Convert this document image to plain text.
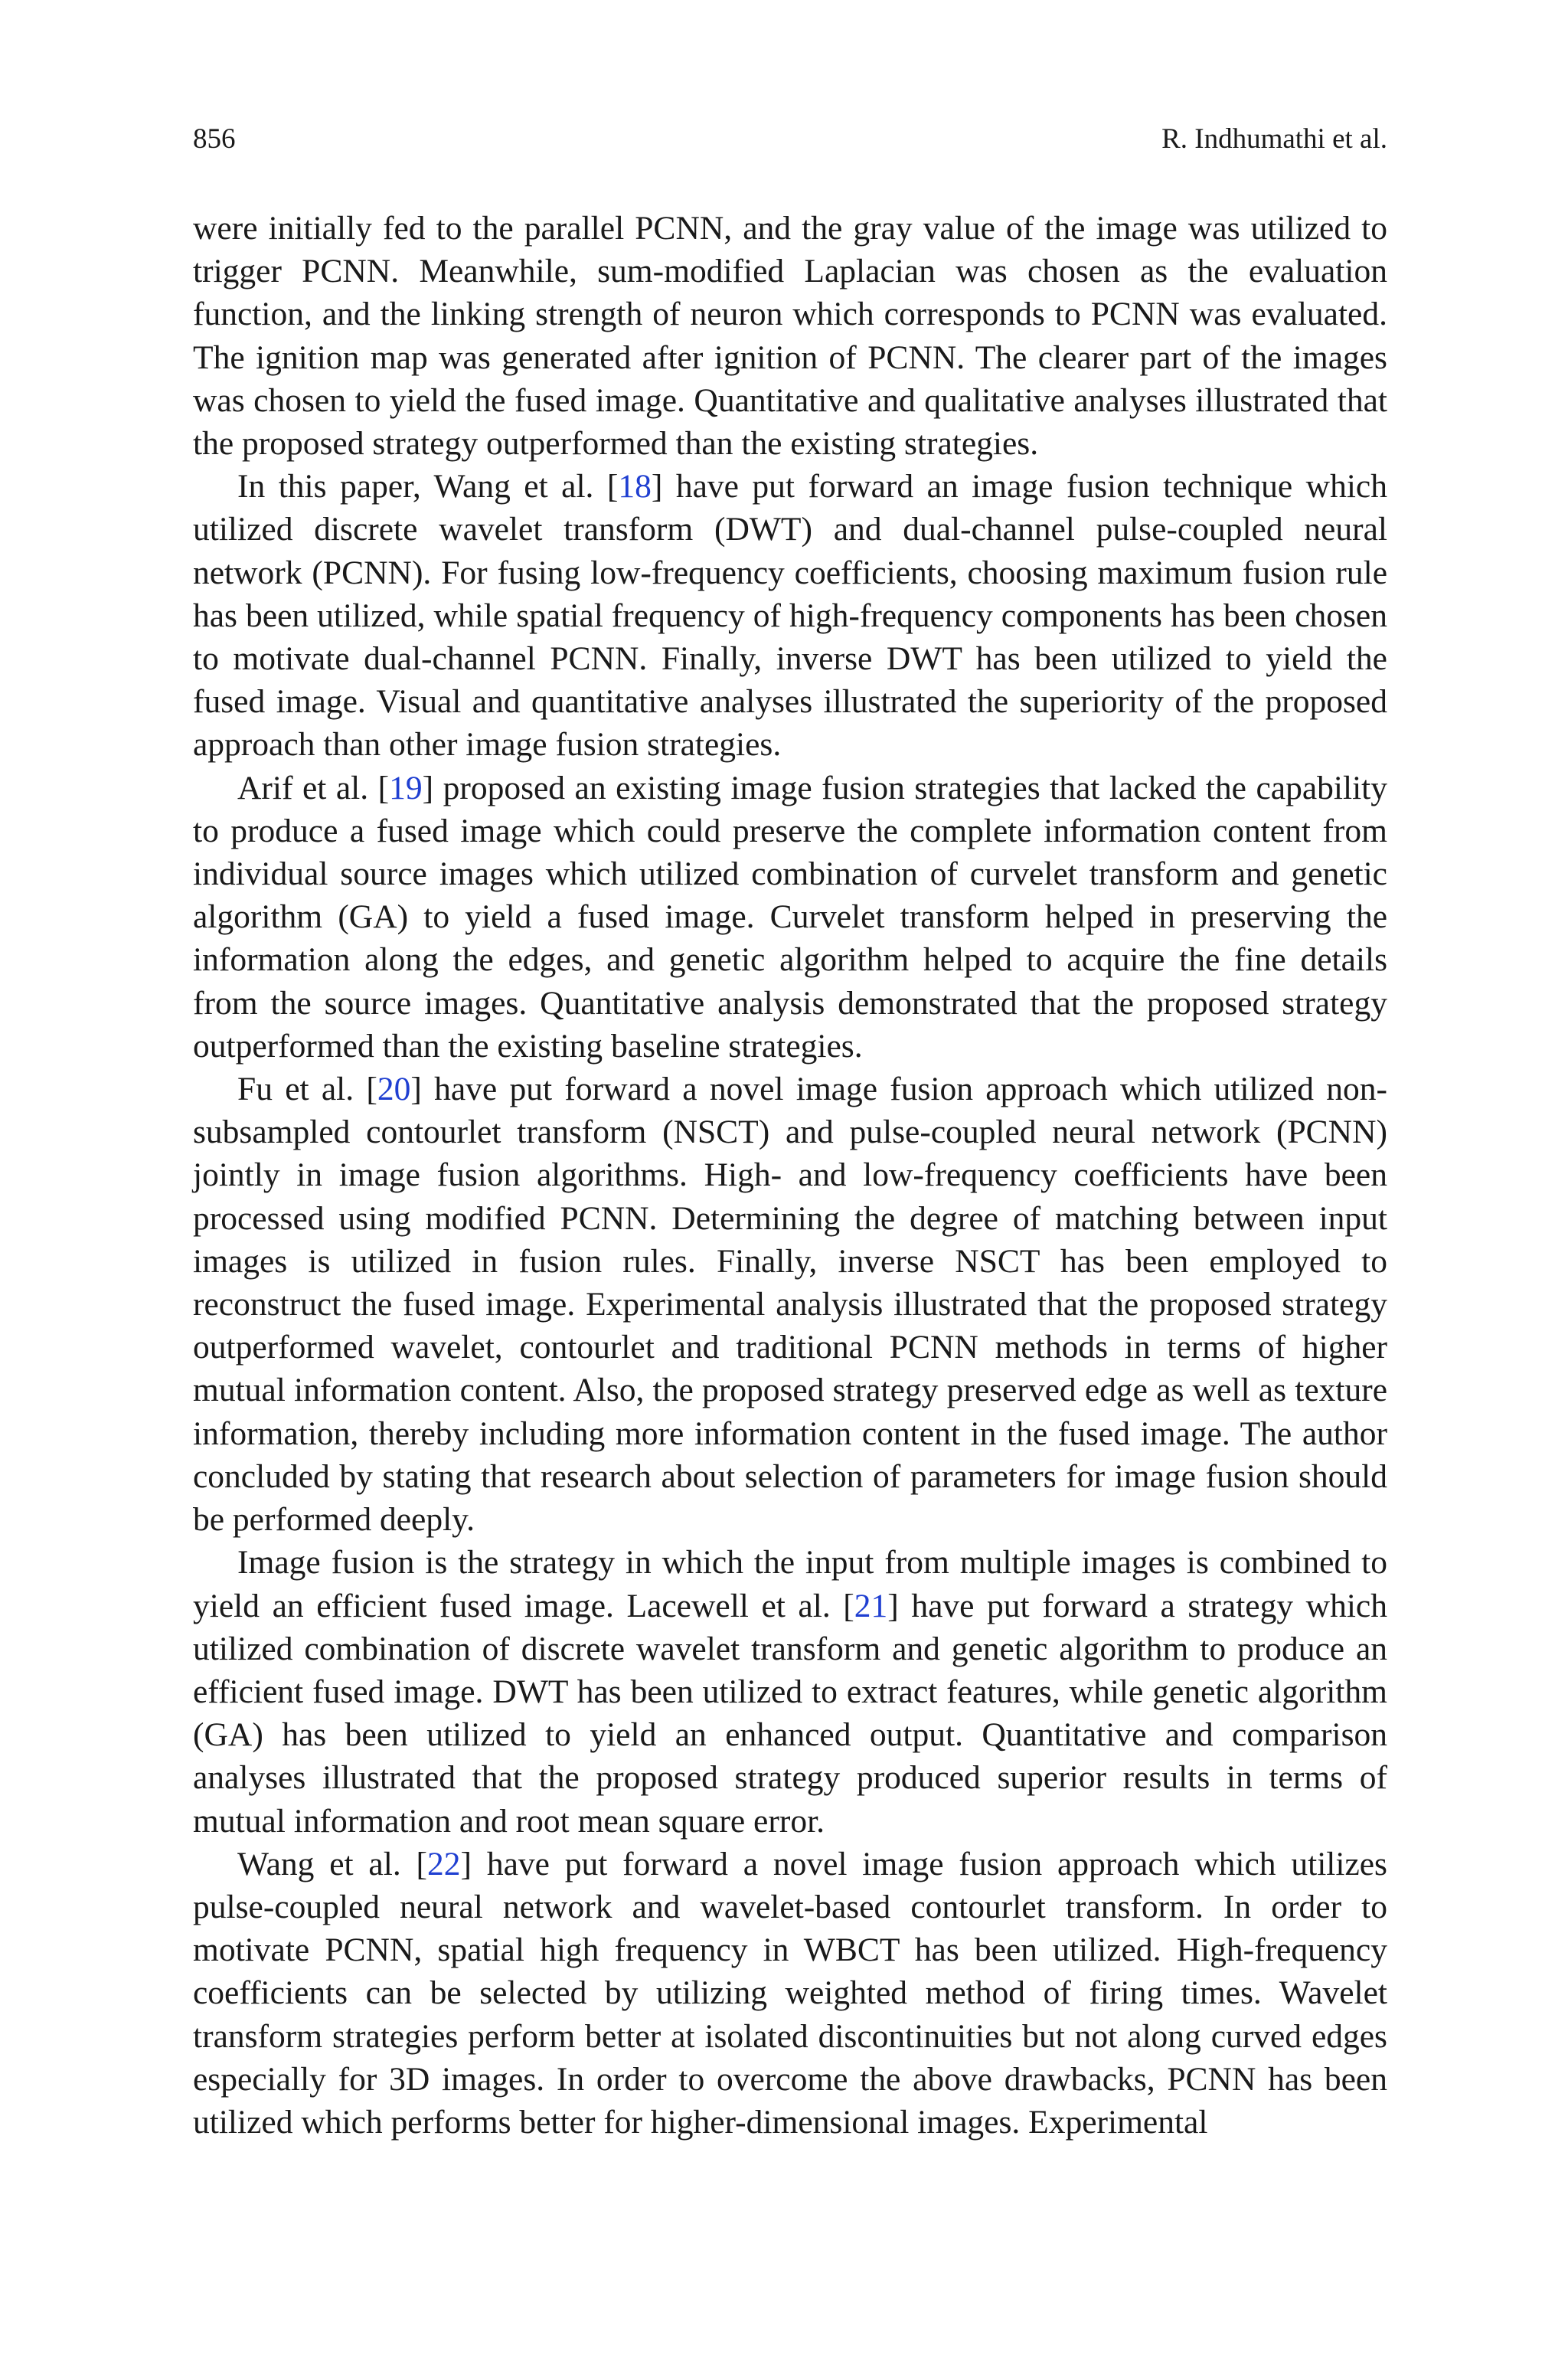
856	R. Indhumathi et al.

were initially fed to the parallel PCNN, and the gray value of the image was utilized to trigger PCNN. Meanwhile, sum-modified Laplacian was chosen as the evaluation function, and the linking strength of neuron which corresponds to PCNN was evaluated. The ignition map was generated after ignition of PCNN. The clearer part of the images was chosen to yield the fused image. Quantitative and qualitative analyses illustrated that the proposed strategy outperformed than the existing strategies.

In this paper, Wang et al. [18] have put forward an image fusion technique which utilized discrete wavelet transform (DWT) and dual-channel pulse-coupled neural network (PCNN). For fusing low-frequency coefficients, choosing maximum fusion rule has been utilized, while spatial frequency of high-frequency components has been chosen to motivate dual-channel PCNN. Finally, inverse DWT has been utilized to yield the fused image. Visual and quantitative analyses illustrated the superiority of the proposed approach than other image fusion strategies.

Arif et al. [19] proposed an existing image fusion strategies that lacked the capability to produce a fused image which could preserve the complete information content from individual source images which utilized combination of curvelet transform and genetic algorithm (GA) to yield a fused image. Curvelet transform helped in preserving the information along the edges, and genetic algorithm helped to acquire the fine details from the source images. Quantitative analysis demonstrated that the proposed strategy outperformed than the existing baseline strategies.

Fu et al. [20] have put forward a novel image fusion approach which utilized non-subsampled contourlet transform (NSCT) and pulse-coupled neural network (PCNN) jointly in image fusion algorithms. High- and low-frequency coefficients have been processed using modified PCNN. Determining the degree of matching between input images is utilized in fusion rules. Finally, inverse NSCT has been employed to reconstruct the fused image. Experimental analysis illustrated that the proposed strategy outperformed wavelet, contourlet and traditional PCNN methods in terms of higher mutual information content. Also, the proposed strategy preserved edge as well as texture information, thereby including more information content in the fused image. The author concluded by stating that research about selection of parameters for image fusion should be performed deeply.

Image fusion is the strategy in which the input from multiple images is combined to yield an efficient fused image. Lacewell et al. [21] have put forward a strategy which utilized combination of discrete wavelet transform and genetic algorithm to produce an efficient fused image. DWT has been utilized to extract features, while genetic algorithm (GA) has been utilized to yield an enhanced output. Quantitative and comparison analyses illustrated that the proposed strategy produced superior results in terms of mutual information and root mean square error.

Wang et al. [22] have put forward a novel image fusion approach which utilizes pulse-coupled neural network and wavelet-based contourlet transform. In order to motivate PCNN, spatial high frequency in WBCT has been utilized. High-frequency coefficients can be selected by utilizing weighted method of firing times. Wavelet transform strategies perform better at isolated discontinuities but not along curved edges especially for 3D images. In order to overcome the above drawbacks, PCNN has been utilized which performs better for higher-dimensional images. Experimental
